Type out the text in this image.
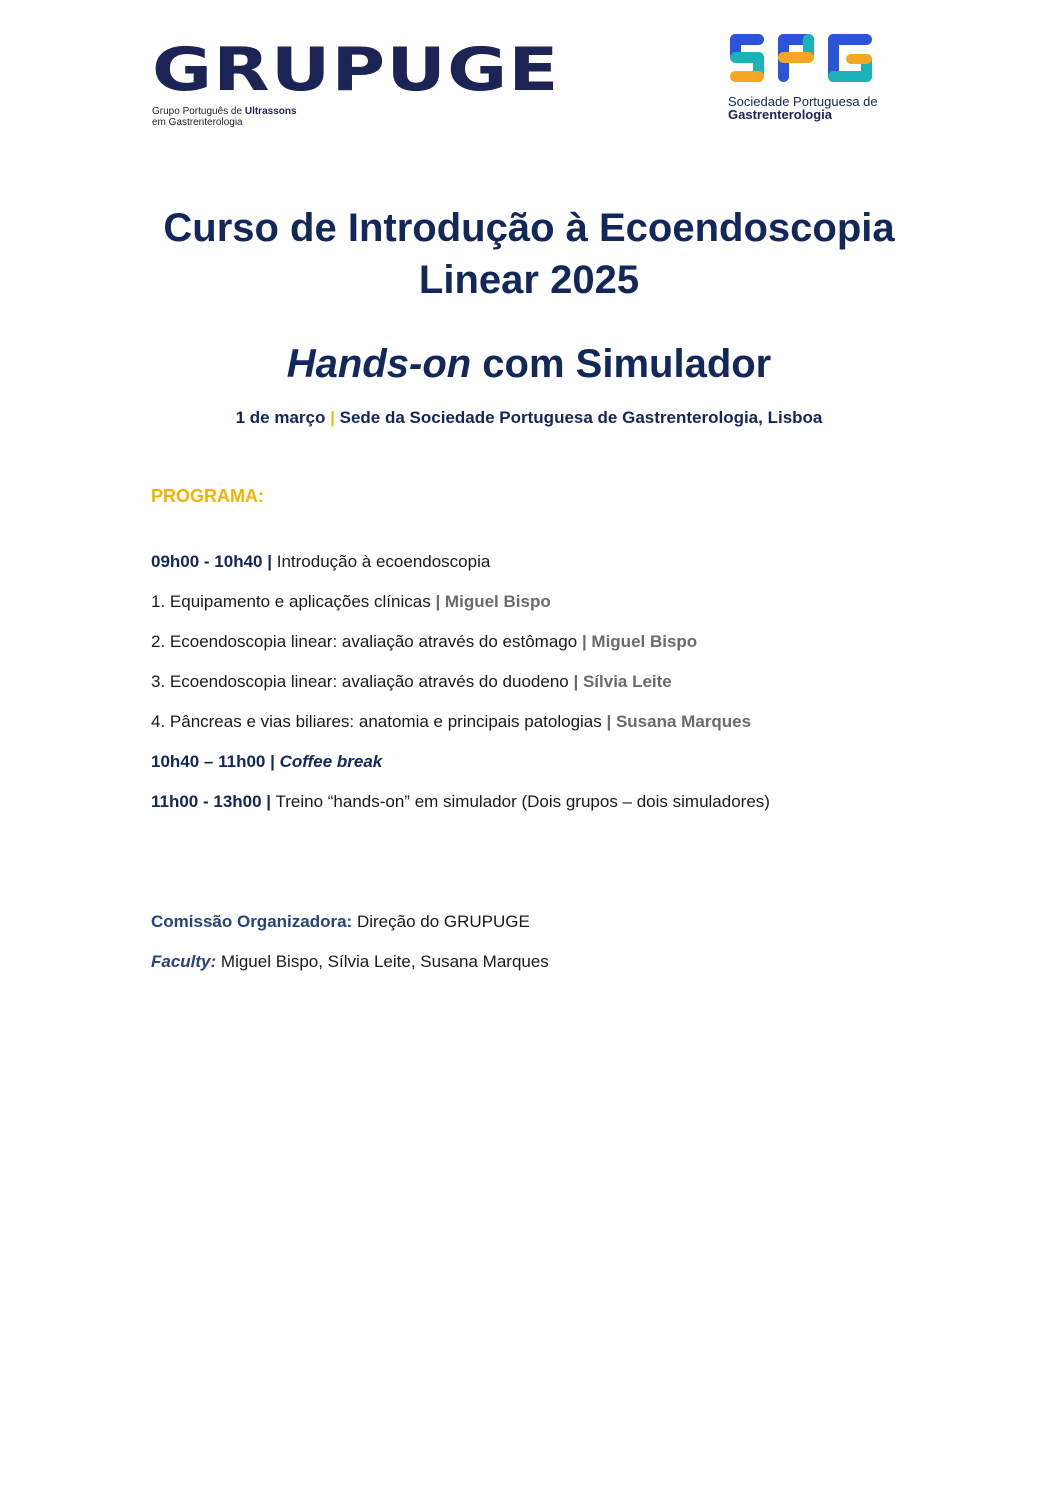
GRUPUGE
Grupo Português de Ultrassons
em Gastrenterologia
Sociedade Portuguesa de
Gastrenterologia
Curso de Introdução à Ecoendoscopia
Linear 2025
Hands-on com Simulador
1 de março | Sede da Sociedade Portuguesa de Gastrenterologia, Lisboa
PROGRAMA:
09h00 - 10h40 | Introdução à ecoendoscopia
1. Equipamento e aplicações clínicas | Miguel Bispo
2. Ecoendoscopia linear: avaliação através do estômago | Miguel Bispo
3. Ecoendoscopia linear: avaliação através do duodeno | Sílvia Leite
4. Pâncreas e vias biliares: anatomia e principais patologias | Susana Marques
10h40 – 11h00 | Coffee break
11h00 - 13h00 | Treino “hands-on” em simulador (Dois grupos – dois simuladores)
Comissão Organizadora: Direção do GRUPUGE
Faculty: Miguel Bispo, Sílvia Leite, Susana Marques
